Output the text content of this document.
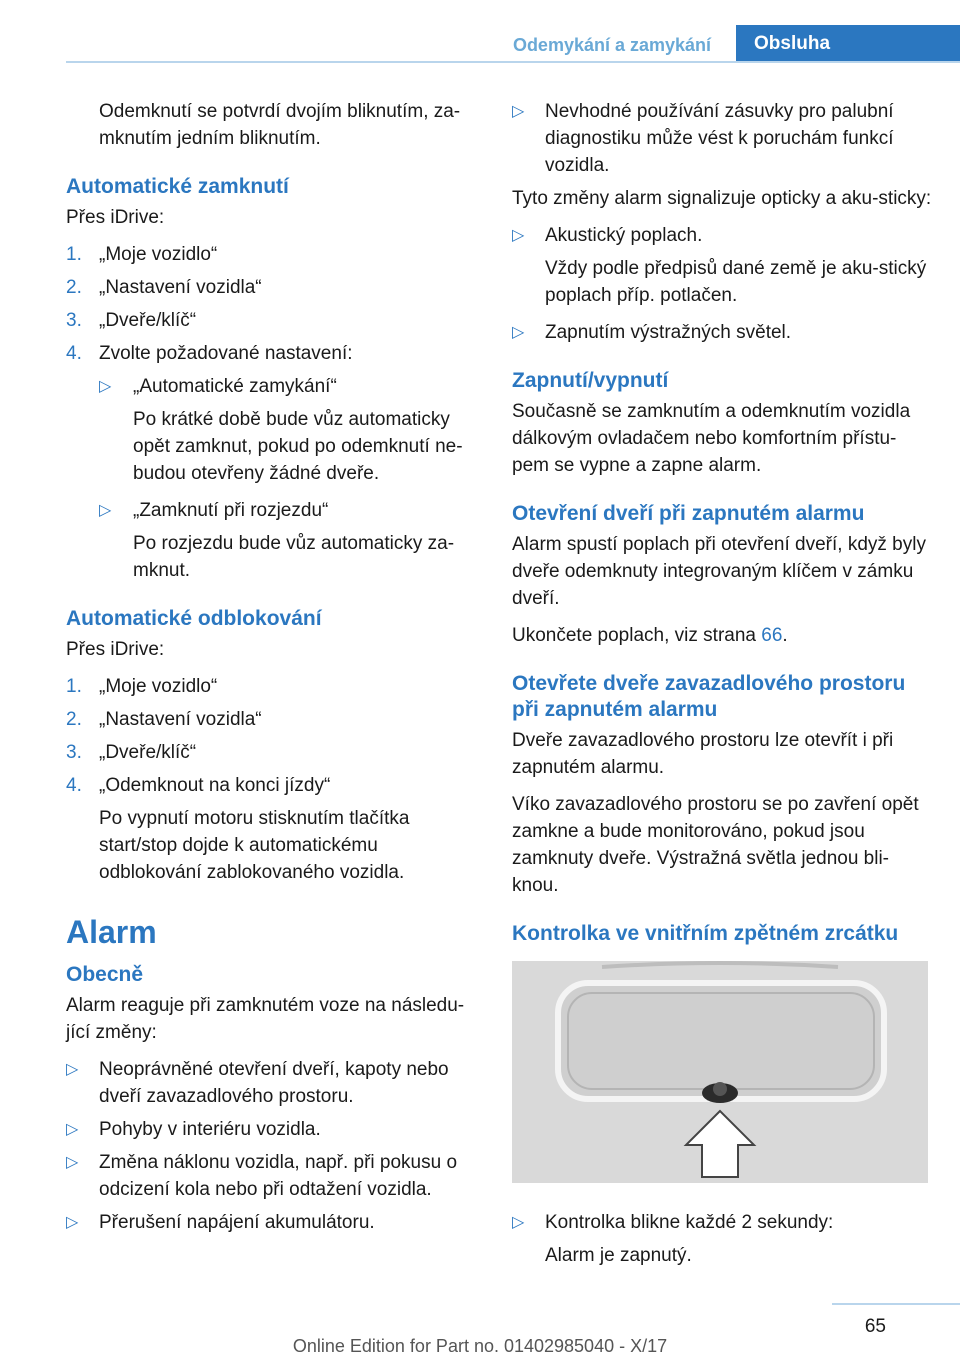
Odemykání a zamykání	Obsluha

Odemknutí se potvrdí dvojím bliknutím, za-mknutím jedním bliknutím.

Automatické zamknutí

Přes iDrive:

1. „Moje vozidlo“
2. „Nastavení vozidla“
3. „Dveře/klíč“
4. Zvolte požadované nastavení:
▷ „Automatické zamykání“

Po krátké době bude vůz automaticky opět zamknut, pokud po odemknutí ne-budou otevřeny žádné dveře.

▷ „Zamknutí při rozjezdu“

Po rozjezdu bude vůz automaticky za-mknut.

Automatické odblokování

Přes iDrive:

1. „Moje vozidlo“
2. „Nastavení vozidla“
3. „Dveře/klíč“
4. „Odemknout na konci jízdy“

Po vypnutí motoru stisknutím tlačítka start/stop dojde k automatickému odblokování zablokovaného vozidla.

Alarm
Obecně

Alarm reaguje při zamknutém voze na následu-jící změny:

▷ Neoprávněné otevření dveří, kapoty nebo dveří zavazadlového prostoru.
▷ Pohyby v interiéru vozidla.
▷ Změna náklonu vozidla, např. při pokusu o odcizení kola nebo při odtažení vozidla.
▷ Přerušení napájení akumulátoru.
▷ Nevhodné používání zásuvky pro palubní diagnostiku může vést k poruchám funkcí vozidla.

Tyto změny alarm signalizuje opticky a aku-sticky:

▷ Akustický poplach.

Vždy podle předpisů dané země je aku-stický poplach příp. potlačen.

▷ Zapnutím výstražných světel.
Zapnutí/vypnutí

Současně se zamknutím a odemknutím vozidla dálkovým ovladačem nebo komfortním přístu-pem se vypne a zapne alarm.

Otevření dveří při zapnutém alarmu

Alarm spustí poplach při otevření dveří, když byly dveře odemknuty integrovaným klíčem v zámku dveří.

Ukončete poplach, viz strana 66.

Otevřete dveře zavazadlového prostoru při zapnutém alarmu

Dveře zavazadlového prostoru lze otevřít i při zapnutém alarmu.

Víko zavazadlového prostoru se po zavření opět zamkne a bude monitorováno, pokud jsou zamknuty dveře. Výstražná světla jednou bli-knou.

Kontrolka ve vnitřním zpětném zrcátku
▷ Kontrolka blikne každé 2 sekundy:

Alarm je zapnutý.

65
Online Edition for Part no. 01402985040 - X/17
